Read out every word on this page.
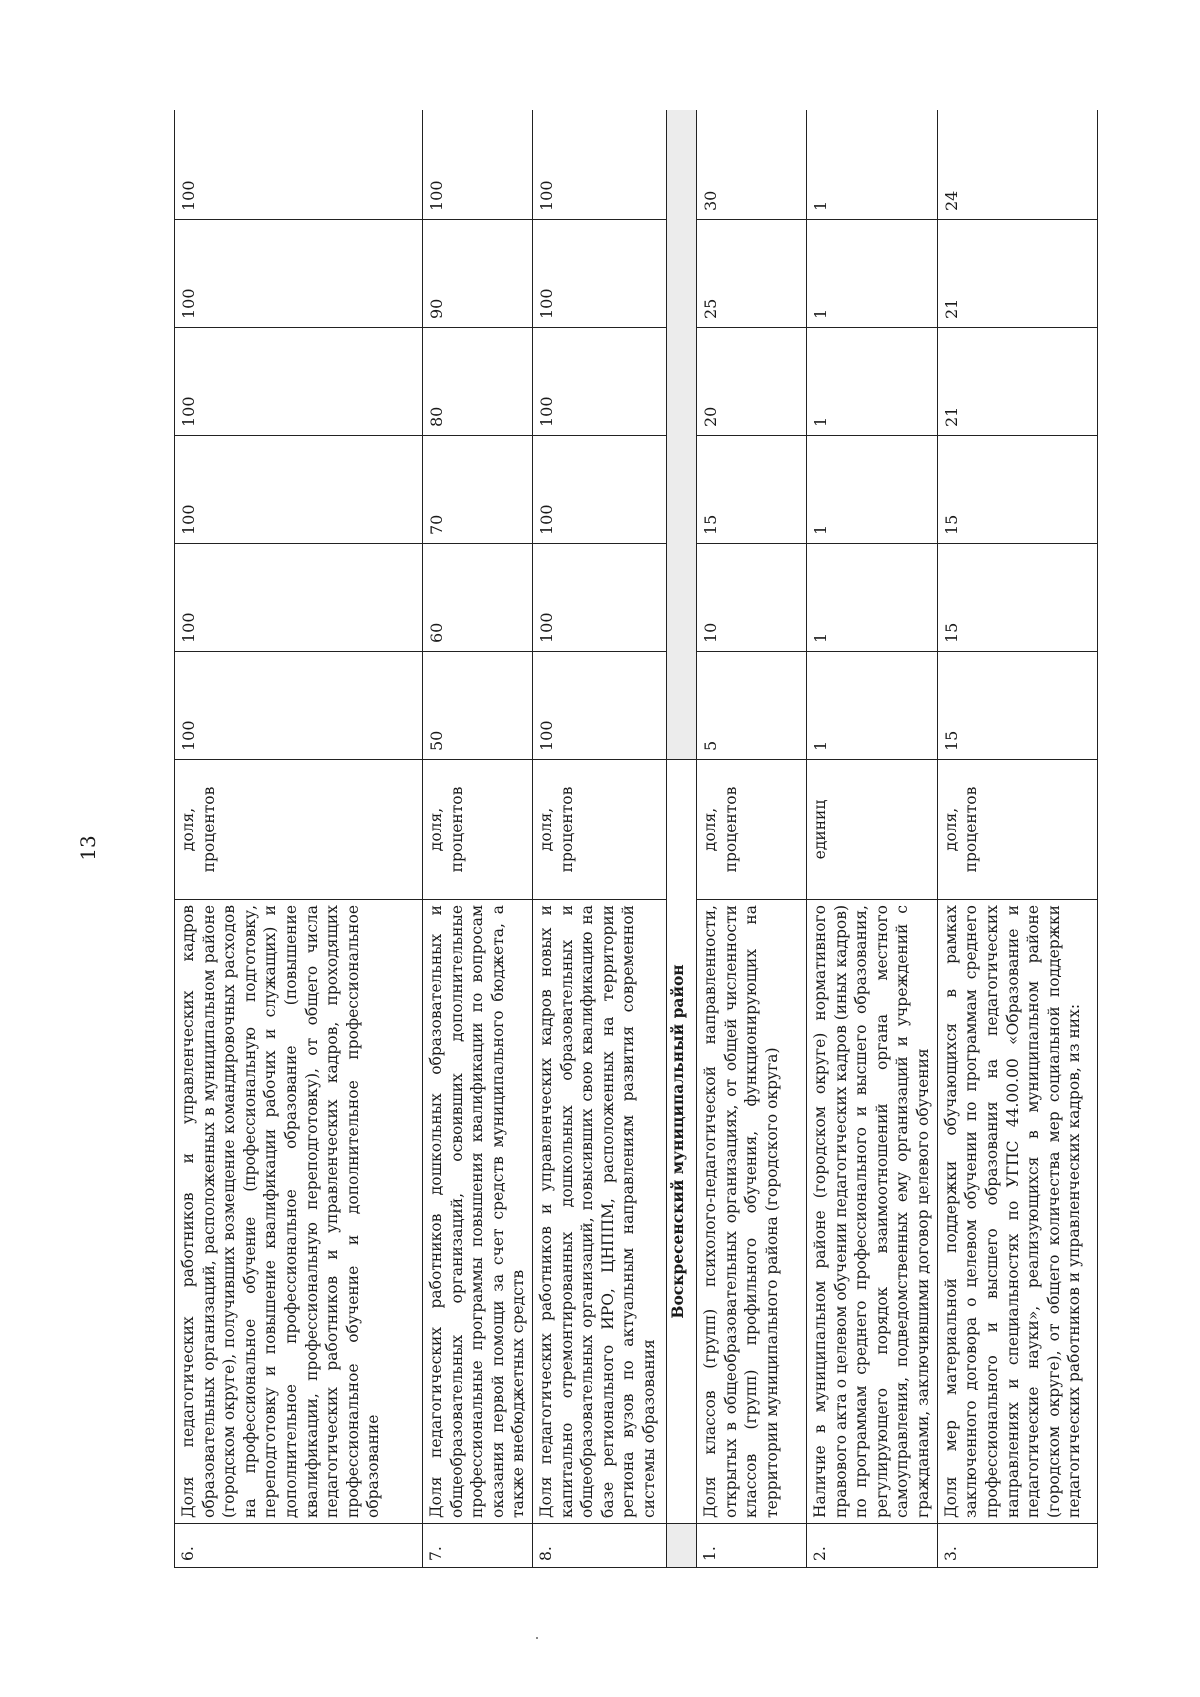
13
6.	Доля педагогических работников и управленческих кадров образовательных организаций, расположенных в муниципальном районе (городском округе), получивших возмещение командировочных расходов на профессиональное обучение (профессиональную подготовку, переподготовку и повышение квалификации рабочих и служащих) и дополнительное профессиональное образование (повышение квалификации, профессиональную переподготовку), от общего числа педагогических работников и управленческих кадров, проходящих профессиональное обучение и дополнительное профессиональное образование	доля, процентов	100	100	100	100	100	100
7.	Доля педагогических работников дошкольных образовательных и общеобразовательных организаций, освоивших дополнительные профессиональные программы повышения квалификации по вопросам оказания первой помощи за счет средств муниципального бюджета, а также внебюджетных средств	доля, процентов	50	60	70	80	90	100
8.	Доля педагогических работников и управленческих кадров новых и капитально отремонтированных дошкольных образовательных и общеобразовательных организаций, повысивших свою квалификацию на базе регионального ИРО, ЦНППМ, расположенных на территории региона вузов по актуальным направлениям развития современной системы образования	доля, процентов	100	100	100	100	100	100
	Воскресенский муниципальный район							
1.	Доля классов (групп) психолого-педагогической направленности, открытых в общеобразовательных организациях, от общей численности классов (групп) профильного обучения, функционирующих на территории муниципального района (городского округа)	доля, процентов	5	10	15	20	25	30
2.	Наличие в муниципальном районе (городском округе) нормативного правового акта о целевом обучении педагогических кадров (иных кадров) по программам среднего профессионального и высшего образования, регулирующего порядок взаимоотношений органа местного самоуправления, подведомственных ему организаций и учреждений с гражданами, заключившими договор целевого обучения	единиц	1	1	1	1	1	1
3.	Доля мер материальной поддержки обучающихся в рамках заключенного договора о целевом обучении по программам среднего профессионального и высшего образования на педагогических направлениях и специальностях по УГПС 44.00.00 «Образование и педагогические науки», реализующихся в муниципальном районе (городском округе), от общего количества мер социальной поддержки педагогических работников и управленческих кадров, из них:	доля, процентов	15	15	15	21	21	24
